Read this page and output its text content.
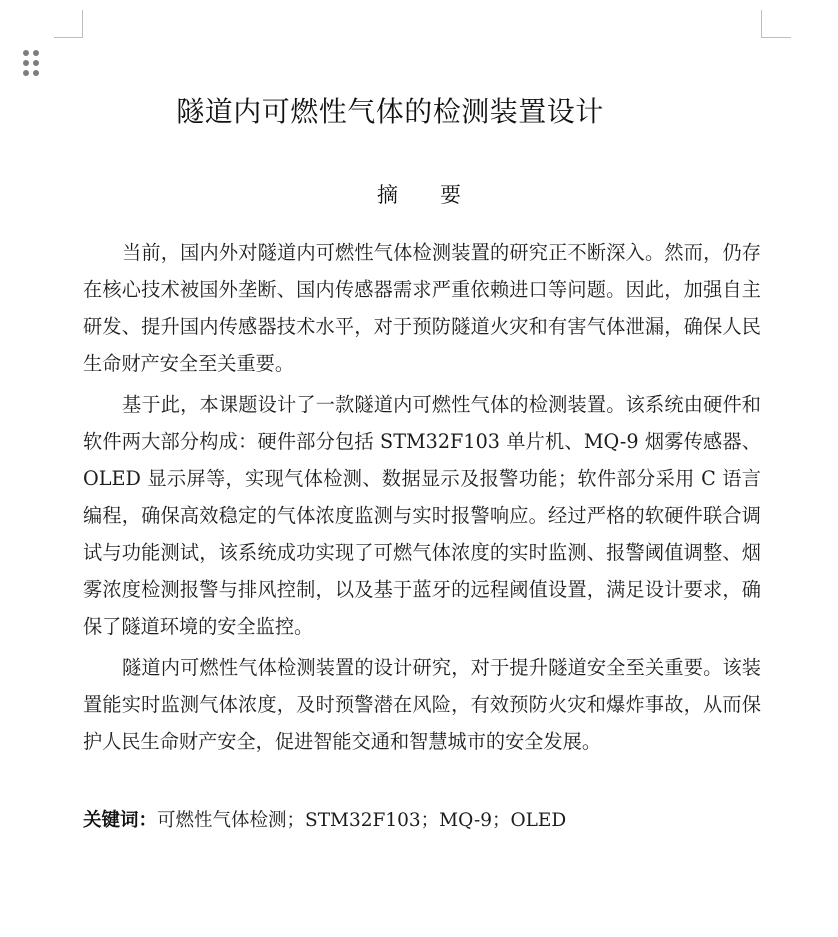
隧道内可燃性气体的检测装置设计
摘 要

当前，国内外对隧道内可燃性气体检测装置的研究正不断深入。然而，仍存在核心技术被国外垄断、国内传感器需求严重依赖进口等问题。因此，加强自主研发、提升国内传感器技术水平，对于预防隧道火灾和有害气体泄漏，确保人民生命财产安全至关重要。

基于此，本课题设计了一款隧道内可燃性气体的检测装置。该系统由硬件和软件两大部分构成：硬件部分包括 STM32F103 单片机、MQ-9 烟雾传感器、OLED 显示屏等，实现气体检测、数据显示及报警功能；软件部分采用 C 语言编程，确保高效稳定的气体浓度监测与实时报警响应。经过严格的软硬件联合调试与功能测试，该系统成功实现了可燃气体浓度的实时监测、报警阈值调整、烟雾浓度检测报警与排风控制，以及基于蓝牙的远程阈值设置，满足设计要求，确保了隧道环境的安全监控。

隧道内可燃性气体检测装置的设计研究，对于提升隧道安全至关重要。该装置能实时监测气体浓度，及时预警潜在风险，有效预防火灾和爆炸事故，从而保护人民生命财产安全，促进智能交通和智慧城市的安全发展。

关键词：可燃性气体检测；STM32F103；MQ-9；OLED
